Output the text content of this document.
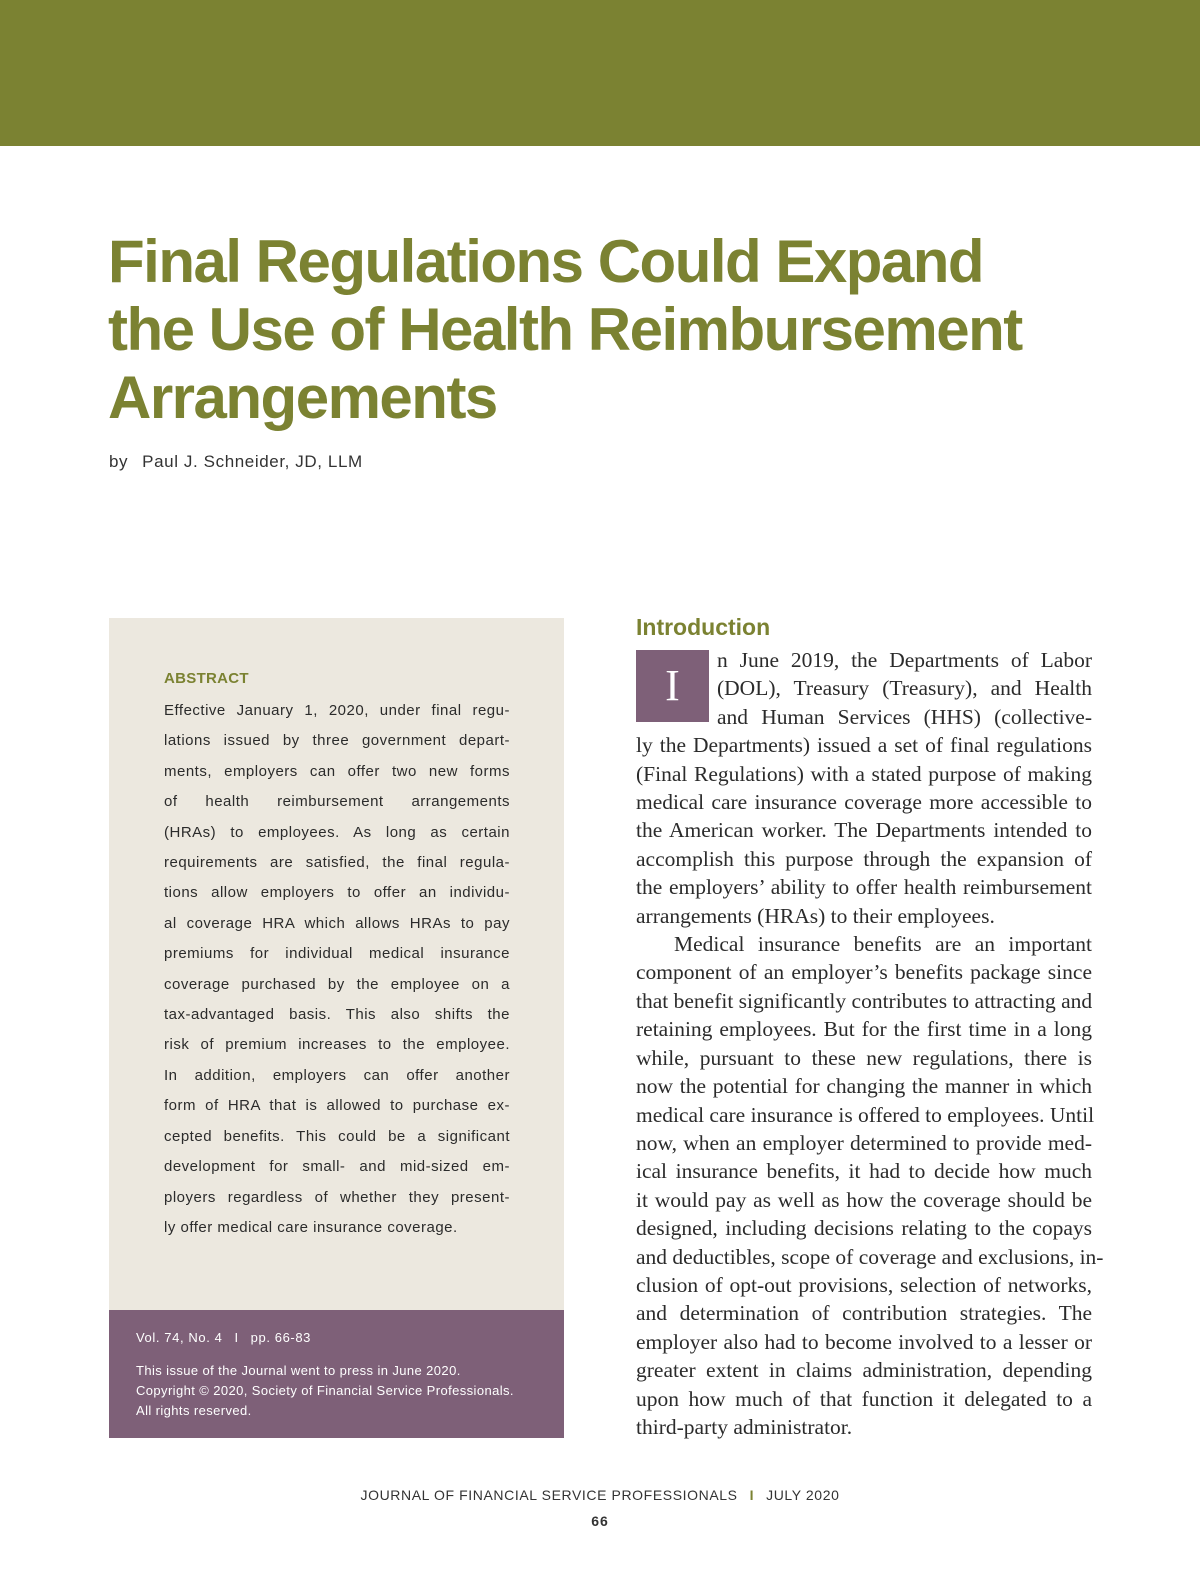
Final Regulations Could Expand
the Use of Health Reimbursement
Arrangements
by Paul J. Schneider, JD, LLM
ABSTRACT
Effective January 1, 2020, under final regu-
lations issued by three government depart-
ments, employers can offer two new forms
of health reimbursement arrangements
(HRAs) to employees. As long as certain
requirements are satisfied, the final regula-
tions allow employers to offer an individu-
al coverage HRA which allows HRAs to pay
premiums for individual medical insurance
coverage purchased by the employee on a
tax-advantaged basis. This also shifts the
risk of premium increases to the employee.
In addition, employers can offer another
form of HRA that is allowed to purchase ex-
cepted benefits. This could be a significant
development for small- and mid-sized em-
ployers regardless of whether they present-
ly offer medical care insurance coverage.
Vol. 74, No. 4 I pp. 66-83
This issue of the Journal went to press in June 2020.
Copyright © 2020, Society of Financial Service Professionals.
All rights reserved.
Introduction
I
n June 2019, the Departments of Labor
(DOL), Treasury (Treasury), and Health
and Human Services (HHS) (collective-
ly the Departments) issued a set of final regulations
(Final Regulations) with a stated purpose of making
medical care insurance coverage more accessible to
the American worker. The Departments intended to
accomplish this purpose through the expansion of
the employers’ ability to offer health reimbursement
arrangements (HRAs) to their employees.
Medical insurance benefits are an important
component of an employer’s benefits package since
that benefit significantly contributes to attracting and
retaining employees. But for the first time in a long
while, pursuant to these new regulations, there is
now the potential for changing the manner in which
medical care insurance is offered to employees. Until
now, when an employer determined to provide med-
ical insurance benefits, it had to decide how much
it would pay as well as how the coverage should be
designed, including decisions relating to the copays
and deductibles, scope of coverage and exclusions, in-
clusion of opt-out provisions, selection of networks,
and determination of contribution strategies. The
employer also had to become involved to a lesser or
greater extent in claims administration, depending
upon how much of that function it delegated to a
third-party administrator.
JOURNAL OF FINANCIAL SERVICE PROFESSIONALS I JULY 2020
66
